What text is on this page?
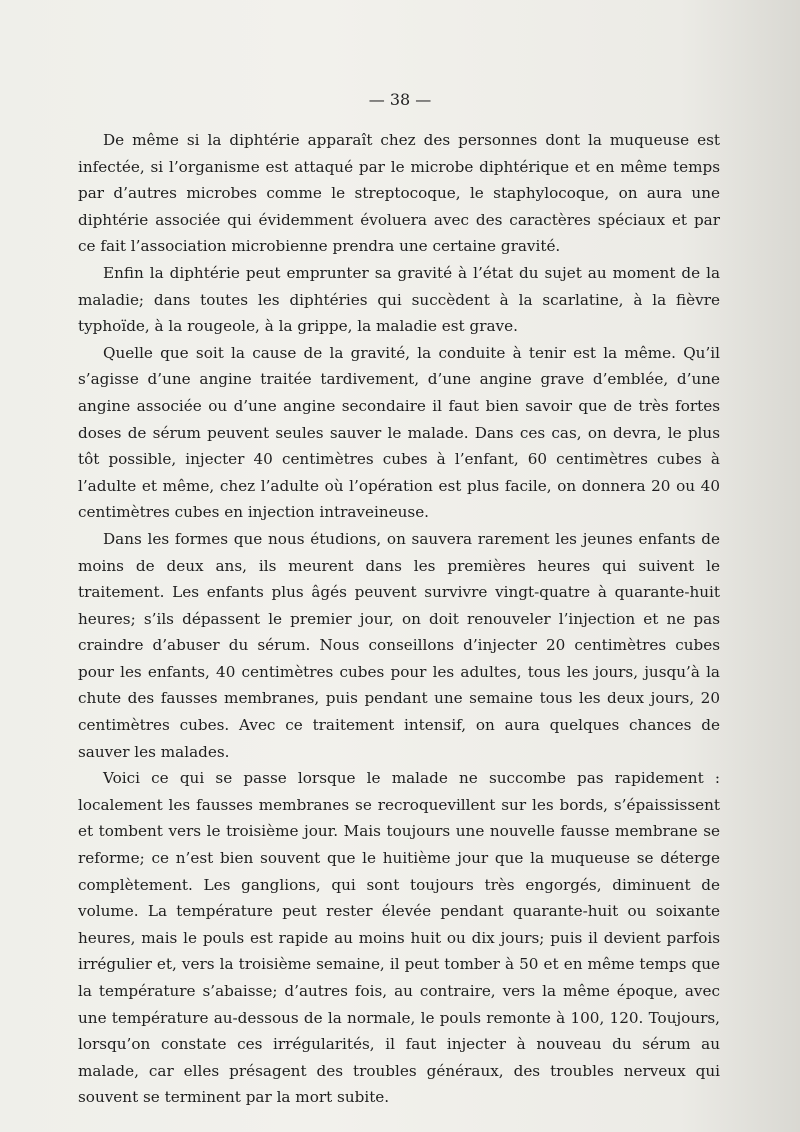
— 38 —

De même si la diphtérie apparaît chez des personnes dont la muqueuse est infectée, si l’organisme est attaqué par le microbe diphtérique et en même temps par d’autres microbes comme le streptocoque, le staphylocoque, on aura une diphtérie associée qui évidemment évoluera avec des caractères spéciaux et par ce fait l’association microbienne prendra une certaine gravité.

Enfin la diphtérie peut emprunter sa gravité à l’état du sujet au moment de la maladie; dans toutes les diphtéries qui succèdent à la scarlatine, à la fièvre typhoïde, à la rougeole, à la grippe, la maladie est grave.

Quelle que soit la cause de la gravité, la conduite à tenir est la même. Qu’il s’agisse d’une angine traitée tardivement, d’une angine grave d’emblée, d’une angine associée ou d’une angine secondaire il faut bien savoir que de très fortes doses de sérum peuvent seules sauver le malade. Dans ces cas, on devra, le plus tôt possible, injecter 40 centimètres cubes à l’enfant, 60 centimètres cubes à l’adulte et même, chez l’adulte où l’opération est plus facile, on donnera 20 ou 40 centimètres cubes en injection intraveineuse.

Dans les formes que nous étudions, on sauvera rarement les jeunes enfants de moins de deux ans, ils meurent dans les premières heures qui suivent le traitement. Les enfants plus âgés peuvent survivre vingt-quatre à quarante-huit heures; s’ils dépassent le premier jour, on doit renouveler l’injection et ne pas craindre d’abuser du sérum. Nous conseillons d’injecter 20 centimètres cubes pour les enfants, 40 centimètres cubes pour les adultes, tous les jours, jusqu’à la chute des fausses membranes, puis pendant une semaine tous les deux jours, 20 centimètres cubes. Avec ce traitement intensif, on aura quelques chances de sauver les malades.

Voici ce qui se passe lorsque le malade ne succombe pas rapidement : localement les fausses membranes se recroquevillent sur les bords, s’épaississent et tombent vers le troisième jour. Mais toujours une nouvelle fausse membrane se reforme; ce n’est bien souvent que le huitième jour que la muqueuse se déterge complètement. Les ganglions, qui sont toujours très engorgés, diminuent de volume. La température peut rester élevée pendant quarante-huit ou soixante heures, mais le pouls est rapide au moins huit ou dix jours; puis il devient parfois irrégulier et, vers la troisième semaine, il peut tomber à 50 et en même temps que la température s’abaisse; d’autres fois, au contraire, vers la même époque, avec une température au-dessous de la normale, le pouls remonte à 100, 120. Toujours, lorsqu’on constate ces irrégularités, il faut injecter à nouveau du sérum au malade, car elles présagent des troubles généraux, des troubles nerveux qui souvent se terminent par la mort subite.
